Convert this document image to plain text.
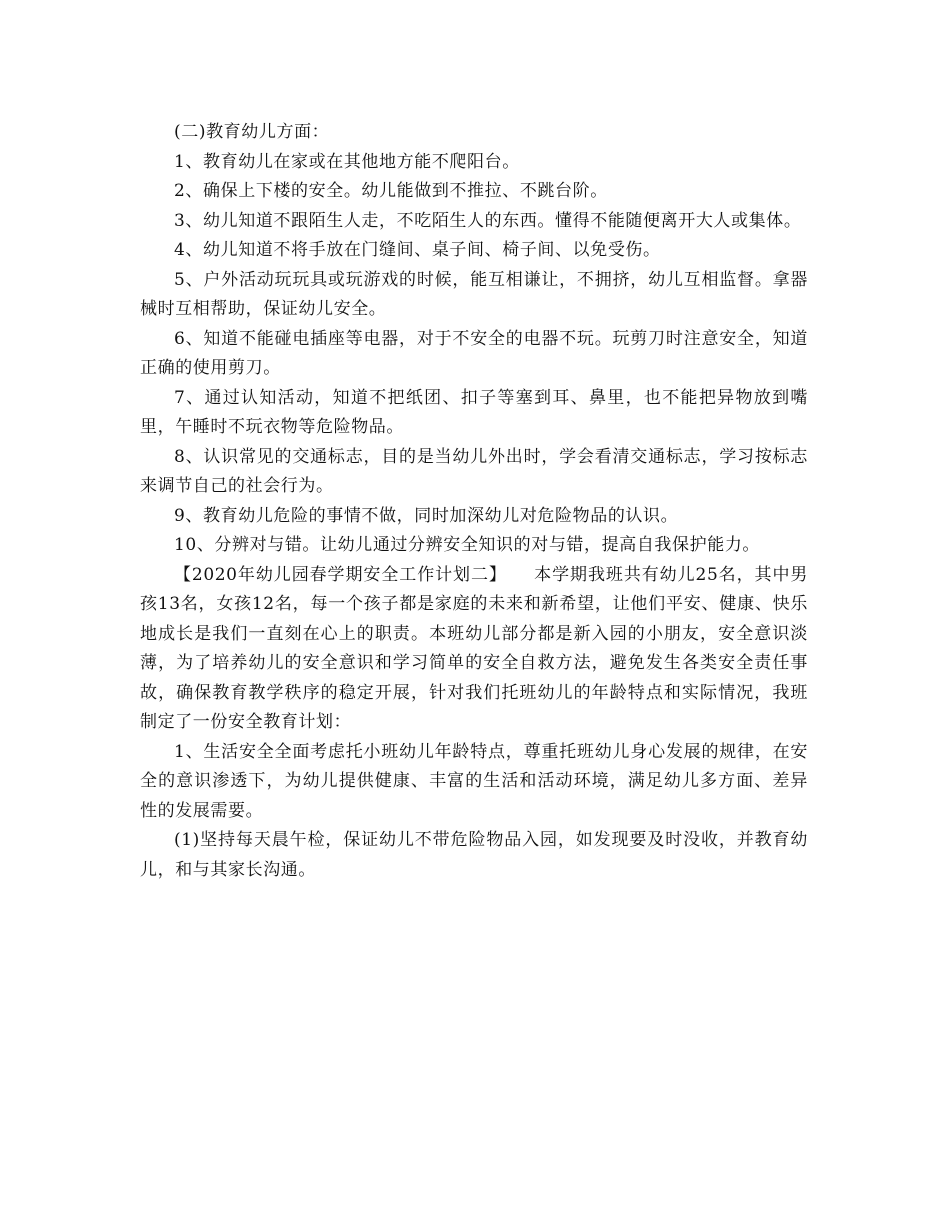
(二)教育幼儿方面：

1、教育幼儿在家或在其他地方能不爬阳台。

2、确保上下楼的安全。幼儿能做到不推拉、不跳台阶。

3、幼儿知道不跟陌生人走，不吃陌生人的东西。懂得不能随便离开大人或集体。

4、幼儿知道不将手放在门缝间、桌子间、椅子间、以免受伤。

5、户外活动玩玩具或玩游戏的时候，能互相谦让，不拥挤，幼儿互相监督。拿器械时互相帮助，保证幼儿安全。

6、知道不能碰电插座等电器，对于不安全的电器不玩。玩剪刀时注意安全，知道正确的使用剪刀。

7、通过认知活动，知道不把纸团、扣子等塞到耳、鼻里，也不能把异物放到嘴里，午睡时不玩衣物等危险物品。

8、认识常见的交通标志，目的是当幼儿外出时，学会看清交通标志，学习按标志来调节自己的社会行为。

9、教育幼儿危险的事情不做，同时加深幼儿对危险物品的认识。

10、分辨对与错。让幼儿通过分辨安全知识的对与错，提高自我保护能力。

【2020年幼儿园春学期安全工作计划二】　　本学期我班共有幼儿25名，其中男孩13名，女孩12名，每一个孩子都是家庭的未来和新希望，让他们平安、健康、快乐地成长是我们一直刻在心上的职责。本班幼儿部分都是新入园的小朋友，安全意识淡薄，为了培养幼儿的安全意识和学习简单的安全自救方法，避免发生各类安全责任事故，确保教育教学秩序的稳定开展，针对我们托班幼儿的年龄特点和实际情况，我班制定了一份安全教育计划：

1、生活安全全面考虑托小班幼儿年龄特点，尊重托班幼儿身心发展的规律，在安全的意识渗透下，为幼儿提供健康、丰富的生活和活动环境，满足幼儿多方面、差异性的发展需要。

(1)坚持每天晨午检，保证幼儿不带危险物品入园，如发现要及时没收，并教育幼儿，和与其家长沟通。
